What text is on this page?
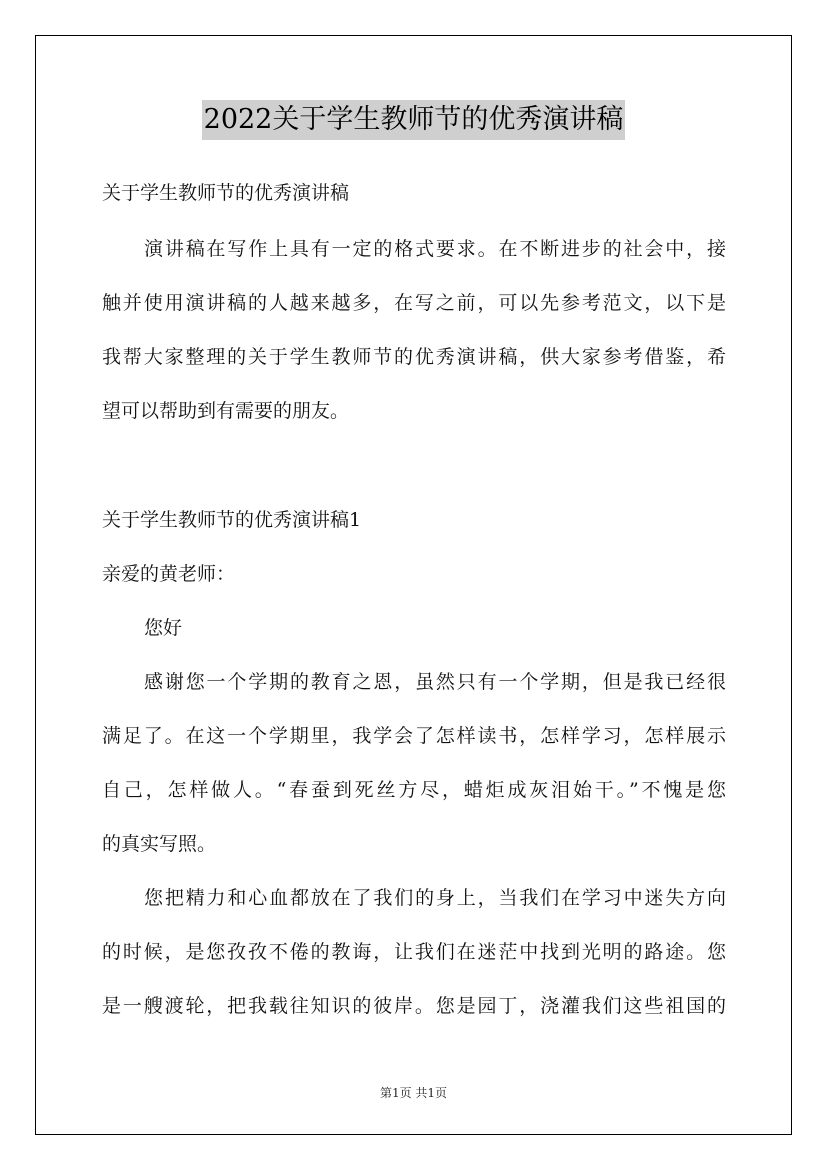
2022关于学生教师节的优秀演讲稿
关于学生教师节的优秀演讲稿
演讲稿在写作上具有一定的格式要求。在不断进步的社会中，接
触并使用演讲稿的人越来越多，在写之前，可以先参考范文，以下是
我帮大家整理的关于学生教师节的优秀演讲稿，供大家参考借鉴，希
望可以帮助到有需要的朋友。
关于学生教师节的优秀演讲稿1
亲爱的黄老师：
您好
感谢您一个学期的教育之恩，虽然只有一个学期，但是我已经很
满足了。在这一个学期里，我学会了怎样读书，怎样学习，怎样展示
自己，怎样做人。“春蚕到死丝方尽，蜡炬成灰泪始干。”不愧是您
的真实写照。
您把精力和心血都放在了我们的身上，当我们在学习中迷失方向
的时候，是您孜孜不倦的教诲，让我们在迷茫中找到光明的路途。您
是一艘渡轮，把我载往知识的彼岸。您是园丁，浇灌我们这些祖国的
第1页 共1页
